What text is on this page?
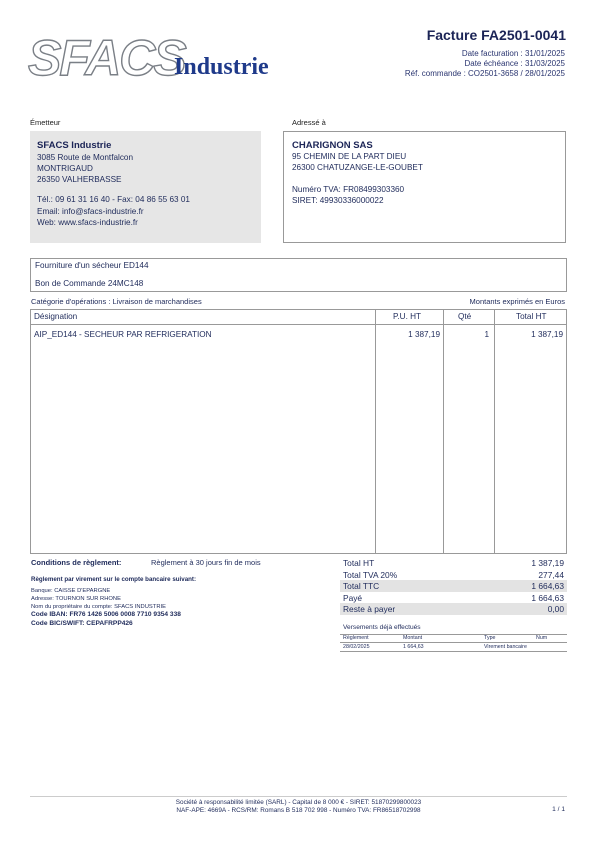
SFACS
Industrie
Facture FA2501-0041
Date facturation : 31/01/2025
Date échéance : 31/03/2025
Réf. commande : CO2501-3658 / 28/01/2025
Émetteur
SFACS Industrie
3085 Route de Montfalcon
MONTRIGAUD
26350 VALHERBASSE
Tél.: 09 61 31 16 40 - Fax: 04 86 55 63 01
Email: info@sfacs-industrie.fr
Web: www.sfacs-industrie.fr
Adressé à
CHARIGNON SAS
95 CHEMIN DE LA PART DIEU
26300 CHATUZANGE-LE-GOUBET
Numéro TVA: FR08499303360
SIRET: 49930336000022
Fourniture d'un sécheur ED144
Bon de Commande 24MC148
Catégorie d'opérations : Livraison de marchandises	Montants exprimés en Euros
Désignation	P.U. HT	Qté	Total HT
AIP_ED144 - SECHEUR PAR REFRIGERATION	1 387,19	1	1 387,19
Conditions de règlement:	Règlement à 30 jours fin de mois
Règlement par virement sur le compte bancaire suivant:
Banque: CAISSE D'EPARGNE
Adresse: TOURNON SUR RHONE
Nom du propriétaire du compte: SFACS INDUSTRIE
Code IBAN: FR76 1426 5006 0008 7710 9354 338
Code BIC/SWIFT: CEPAFRPP426
Total HT	1 387,19
Total TVA 20%	277,44
Total TTC	1 664,63
Payé	1 664,63
Reste à payer	0,00
Versements déjà effectués
Règlement	Montant	Type	Num
28/02/2025	1 664,63	Virement bancaire
Société à responsabilité limitée (SARL) - Capital de 8 000 € - SIRET: 51870299800023
NAF-APE: 4669A - RCS/RM: Romans B 518 702 998 - Numéro TVA: FR86518702998	1 / 1
